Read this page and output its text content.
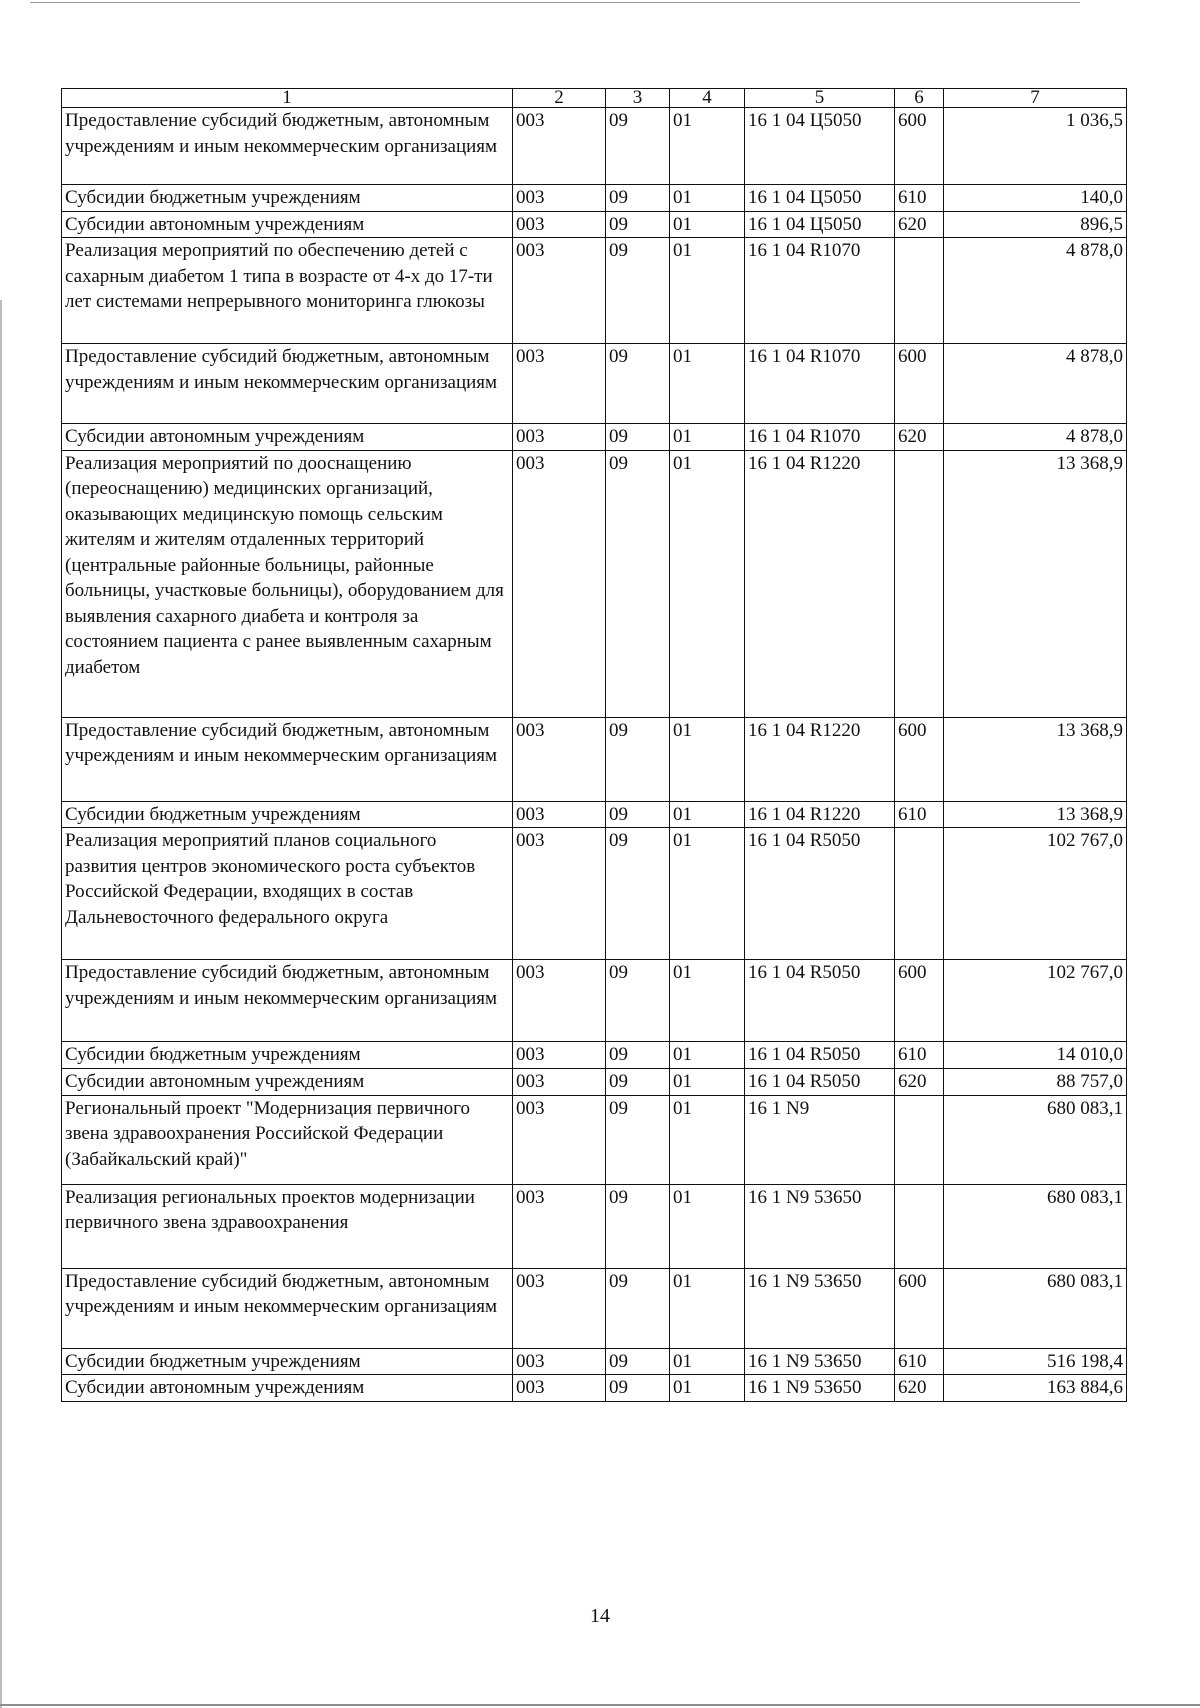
1	2	3	4	5	6	7
Предоставление субсидий бюджетным, автономным учреждениям и иным некоммерческим организациям	003	09	01	16 1 04 Ц5050	600	1 036,5
Субсидии бюджетным учреждениям	003	09	01	16 1 04 Ц5050	610	140,0
Субсидии автономным учреждениям	003	09	01	16 1 04 Ц5050	620	896,5
Реализация мероприятий по обеспечению детей с сахарным диабетом 1 типа в возрасте от 4-х до 17-ти лет системами непрерывного мониторинга глюкозы	003	09	01	16 1 04 R1070		4 878,0
Предоставление субсидий бюджетным, автономным учреждениям и иным некоммерческим организациям	003	09	01	16 1 04 R1070	600	4 878,0
Субсидии автономным учреждениям	003	09	01	16 1 04 R1070	620	4 878,0
Реализация мероприятий по дооснащению (переоснащению) медицинских организаций, оказывающих медицинскую помощь сельским жителям и жителям отдаленных территорий (центральные районные больницы, районные больницы, участковые больницы), оборудованием для выявления сахарного диабета и контроля за состоянием пациента с ранее выявленным сахарным диабетом	003	09	01	16 1 04 R1220		13 368,9
Предоставление субсидий бюджетным, автономным учреждениям и иным некоммерческим организациям	003	09	01	16 1 04 R1220	600	13 368,9
Субсидии бюджетным учреждениям	003	09	01	16 1 04 R1220	610	13 368,9
Реализация мероприятий планов социального развития центров экономического роста субъектов Российской Федерации, входящих в состав Дальневосточного федерального округа	003	09	01	16 1 04 R5050		102 767,0
Предоставление субсидий бюджетным, автономным учреждениям и иным некоммерческим организациям	003	09	01	16 1 04 R5050	600	102 767,0
Субсидии бюджетным учреждениям	003	09	01	16 1 04 R5050	610	14 010,0
Субсидии автономным учреждениям	003	09	01	16 1 04 R5050	620	88 757,0
Региональный проект "Модернизация первичного звена здравоохранения Российской Федерации (Забайкальский край)"	003	09	01	16 1 N9		680 083,1
Реализация региональных проектов модернизации первичного звена здравоохранения	003	09	01	16 1 N9 53650		680 083,1
Предоставление субсидий бюджетным, автономным учреждениям и иным некоммерческим организациям	003	09	01	16 1 N9 53650	600	680 083,1
Субсидии бюджетным учреждениям	003	09	01	16 1 N9 53650	610	516 198,4
Субсидии автономным учреждениям	003	09	01	16 1 N9 53650	620	163 884,6
14
